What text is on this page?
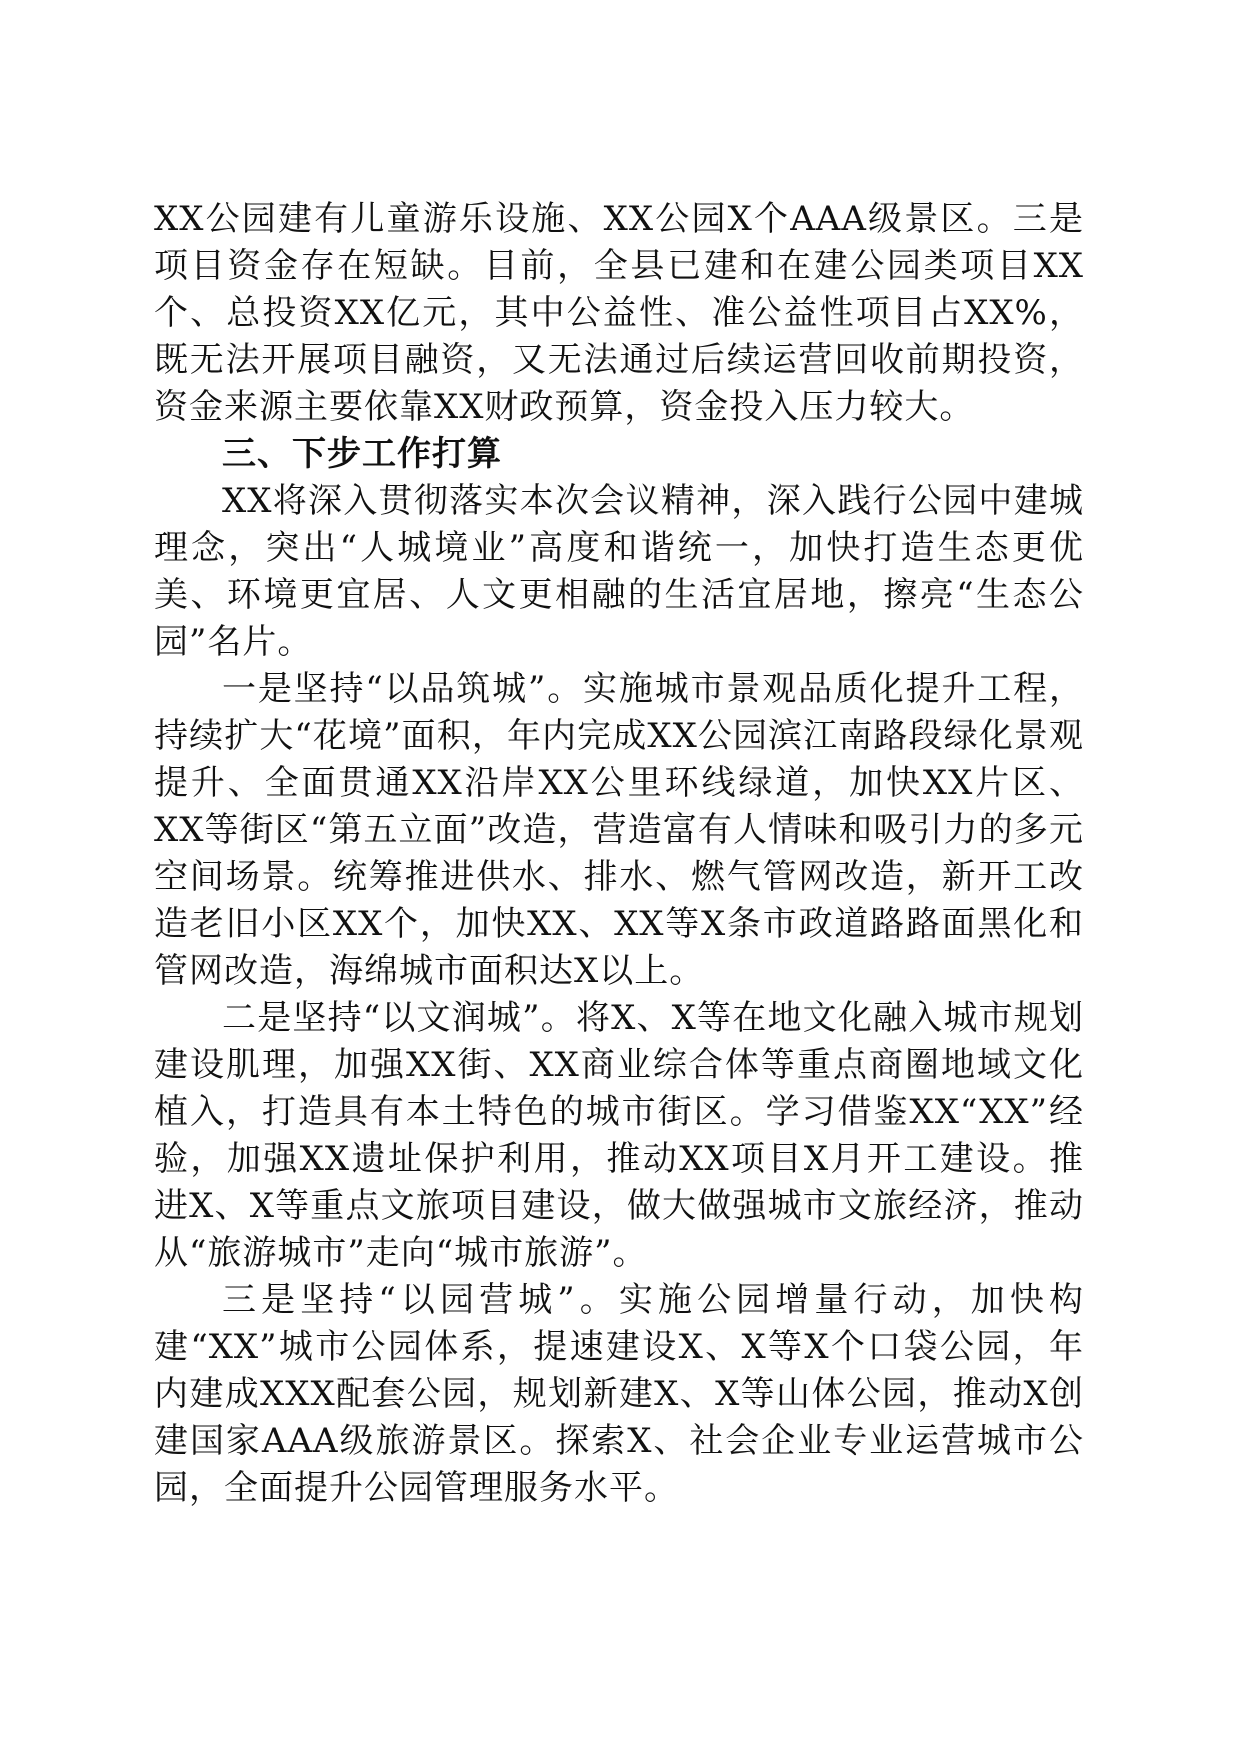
XX公园建有儿童游乐设施、XX公园X个AAA级景区。三是项目资金存在短缺。目前，全县已建和在建公园类项目XX个、总投资XX亿元，其中公益性、准公益性项目占XX%，既无法开展项目融资，又无法通过后续运营回收前期投资，资金来源主要依靠XX财政预算，资金投入压力较大。

三、下步工作打算

XX将深入贯彻落实本次会议精神，深入践行公园中建城理念，突出“人城境业”高度和谐统一，加快打造生态更优美、环境更宜居、人文更相融的生活宜居地，擦亮“生态公园”名片。

一是坚持“以品筑城”。实施城市景观品质化提升工程，持续扩大“花境”面积，年内完成XX公园滨江南路段绿化景观提升、全面贯通XX沿岸XX公里环线绿道，加快XX片区、XX等街区“第五立面”改造，营造富有人情味和吸引力的多元空间场景。统筹推进供水、排水、燃气管网改造，新开工改造老旧小区XX个，加快XX、XX等X条市政道路路面黑化和管网改造，海绵城市面积达X以上。

二是坚持“以文润城”。将X、X等在地文化融入城市规划建设肌理，加强XX街、XX商业综合体等重点商圈地域文化植入，打造具有本土特色的城市街区。学习借鉴XX“XX”经验，加强XX遗址保护利用，推动XX项目X月开工建设。推进X、X等重点文旅项目建设，做大做强城市文旅经济，推动从“旅游城市”走向“城市旅游”。

三是坚持“以园营城”。实施公园增量行动，加快构建“XX”城市公园体系，提速建设X、X等X个口袋公园，年内建成XXX配套公园，规划新建X、X等山体公园，推动X创建国家AAA级旅游景区。探索X、社会企业专业运营城市公园，全面提升公园管理服务水平。
